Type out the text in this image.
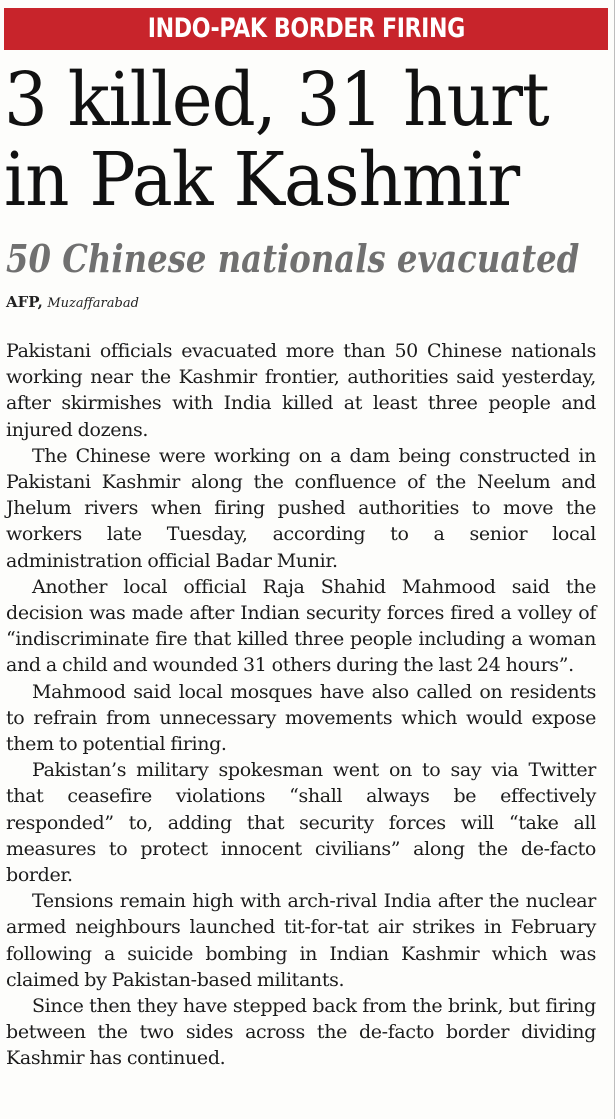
INDO-PAK BORDER FIRING
3 killed, 31 hurt
in Pak Kashmir
50 Chinese nationals evacuated
AFP, Muzaffarabad

Pakistani officials evacuated more than 50 Chinese nationals working near the Kashmir frontier, authorities said yesterday, after skirmishes with India killed at least three people and injured dozens.

The Chinese were working on a dam being constructed in Pakistani Kashmir along the confluence of the Neelum and Jhelum rivers when firing pushed authorities to move the workers late Tuesday, according to a senior local administration official Badar Munir.

Another local official Raja Shahid Mahmood said the decision was made after Indian security forces fired a volley of “indiscriminate fire that killed three people including a woman and a child and wounded 31 others during the last 24 hours”.

Mahmood said local mosques have also called on residents to refrain from unnecessary movements which would expose them to potential firing.

Pakistan’s military spokesman went on to say via Twitter that ceasefire violations “shall always be effectively responded” to, adding that security forces will “take all measures to protect innocent civilians” along the de-facto border.

Tensions remain high with arch-rival India after the nuclear armed neighbours launched tit-for-tat air strikes in February following a suicide bombing in Indian Kashmir which was claimed by Pakistan-based militants.

Since then they have stepped back from the brink, but firing between the two sides across the de-facto border dividing Kashmir has continued.
